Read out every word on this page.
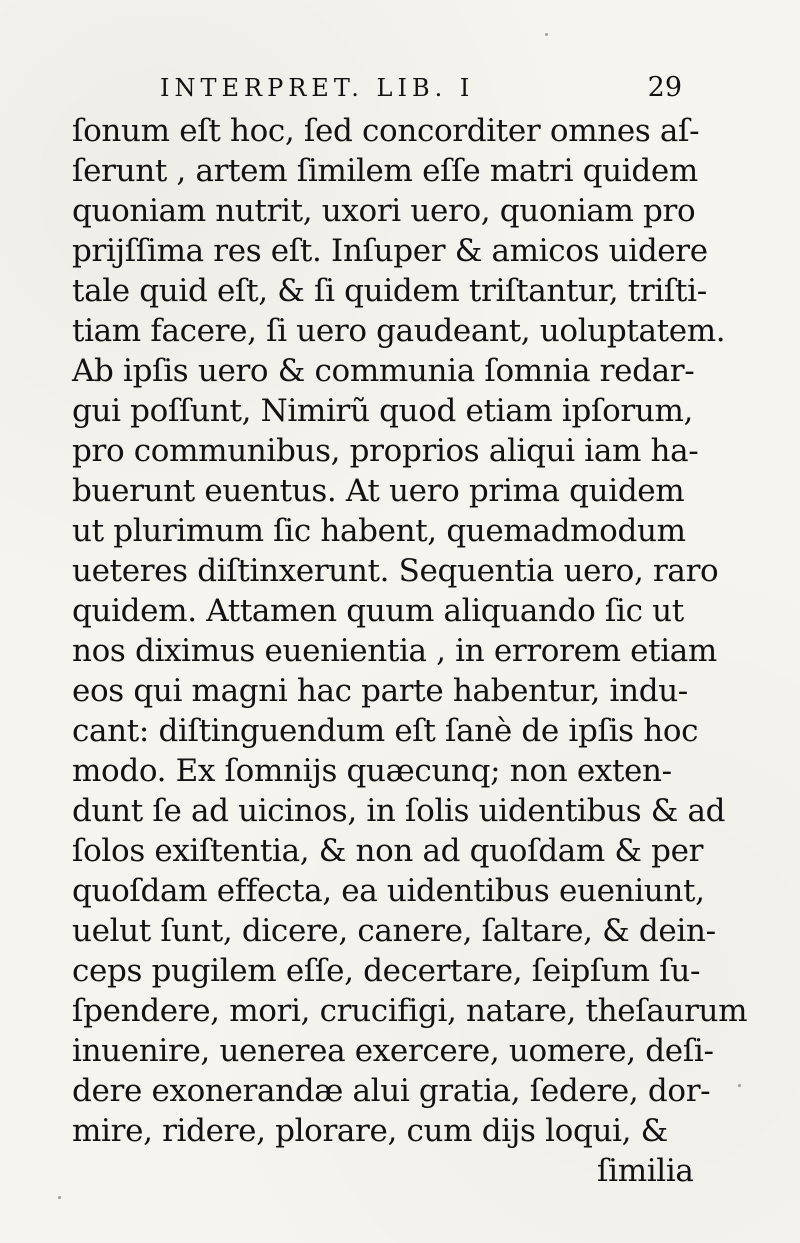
INTERPRET. LIB. I	29
ſonum eſt hoc, ſed concorditer omnes aſ-
ſerunt , artem ſimilem eſſe matri quidem
quoniam nutrit, uxori uero, quoniam pro
prijſſima res eſt. Inſuper & amicos uidere
tale quid eſt, & ſi quidem triſtantur, triſti-
tiam facere, ſi uero gaudeant, uoluptatem.
Ab ipſis uero & communia ſomnia redar-
gui poſſunt, Nimirũ quod etiam ipſorum,
pro communibus, proprios aliqui iam ha-
buerunt euentus. At uero prima quidem
ut plurimum ſic habent, quemadmodum
ueteres diſtinxerunt. Sequentia uero, raro
quidem. Attamen quum aliquando ſic ut
nos diximus euenientia , in errorem etiam
eos qui magni hac parte habentur, indu-
cant: diſtinguendum eſt ſanè de ipſis hoc
modo. Ex ſomnijs quæcunq; non exten-
dunt ſe ad uicinos, in ſolis uidentibus & ad
ſolos exiſtentia, & non ad quoſdam & per
quoſdam effecta, ea uidentibus eueniunt,
uelut ſunt, dicere, canere, ſaltare, & dein-
ceps pugilem eſſe, decertare, ſeipſum ſu-
ſpendere, mori, crucifigi, natare, theſaurum
inuenire, uenerea exercere, uomere, deſi-
dere exonerandæ alui gratia, ſedere, dor-
mire, ridere, plorare, cum dijs loqui, &
ſimilia
